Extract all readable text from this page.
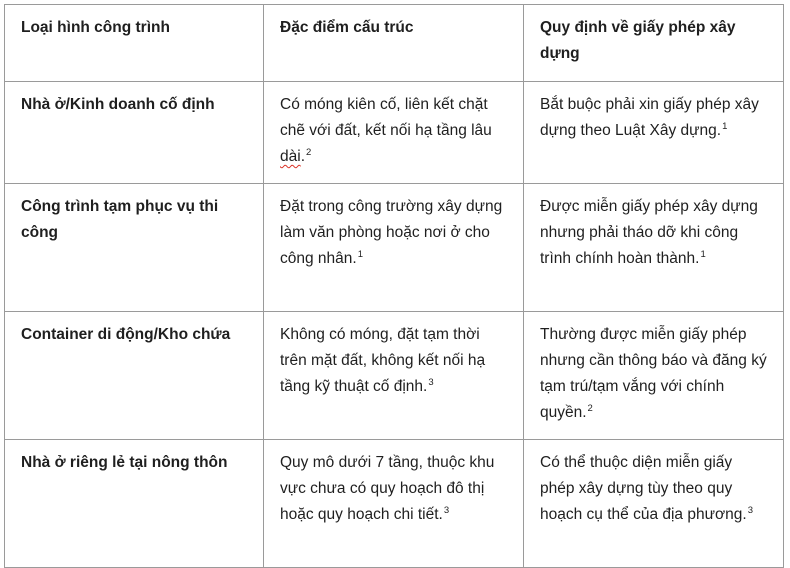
Loại hình công trình	Đặc điểm cấu trúc	Quy định về giấy phép xây dựng
Nhà ở/Kinh doanh cố định	Có móng kiên cố, liên kết chặt chẽ với đất, kết nối hạ tầng lâu dài.$^2$	Bắt buộc phải xin giấy phép xây dựng theo Luật Xây dựng.$^1$
Công trình tạm phục vụ thi công	Đặt trong công trường xây dựng làm văn phòng hoặc nơi ở cho công nhân.$^1$	Được miễn giấy phép xây dựng nhưng phải tháo dỡ khi công trình chính hoàn thành.$^1$
Container di động/Kho chứa	Không có móng, đặt tạm thời trên mặt đất, không kết nối hạ tầng kỹ thuật cố định.$^3$	Thường được miễn giấy phép nhưng cần thông báo và đăng ký tạm trú/tạm vắng với chính quyền.$^2$
Nhà ở riêng lẻ tại nông thôn	Quy mô dưới 7 tầng, thuộc khu vực chưa có quy hoạch đô thị hoặc quy hoạch chi tiết.$^3$	Có thể thuộc diện miễn giấy phép xây dựng tùy theo quy hoạch cụ thể của địa phương.$^3$
